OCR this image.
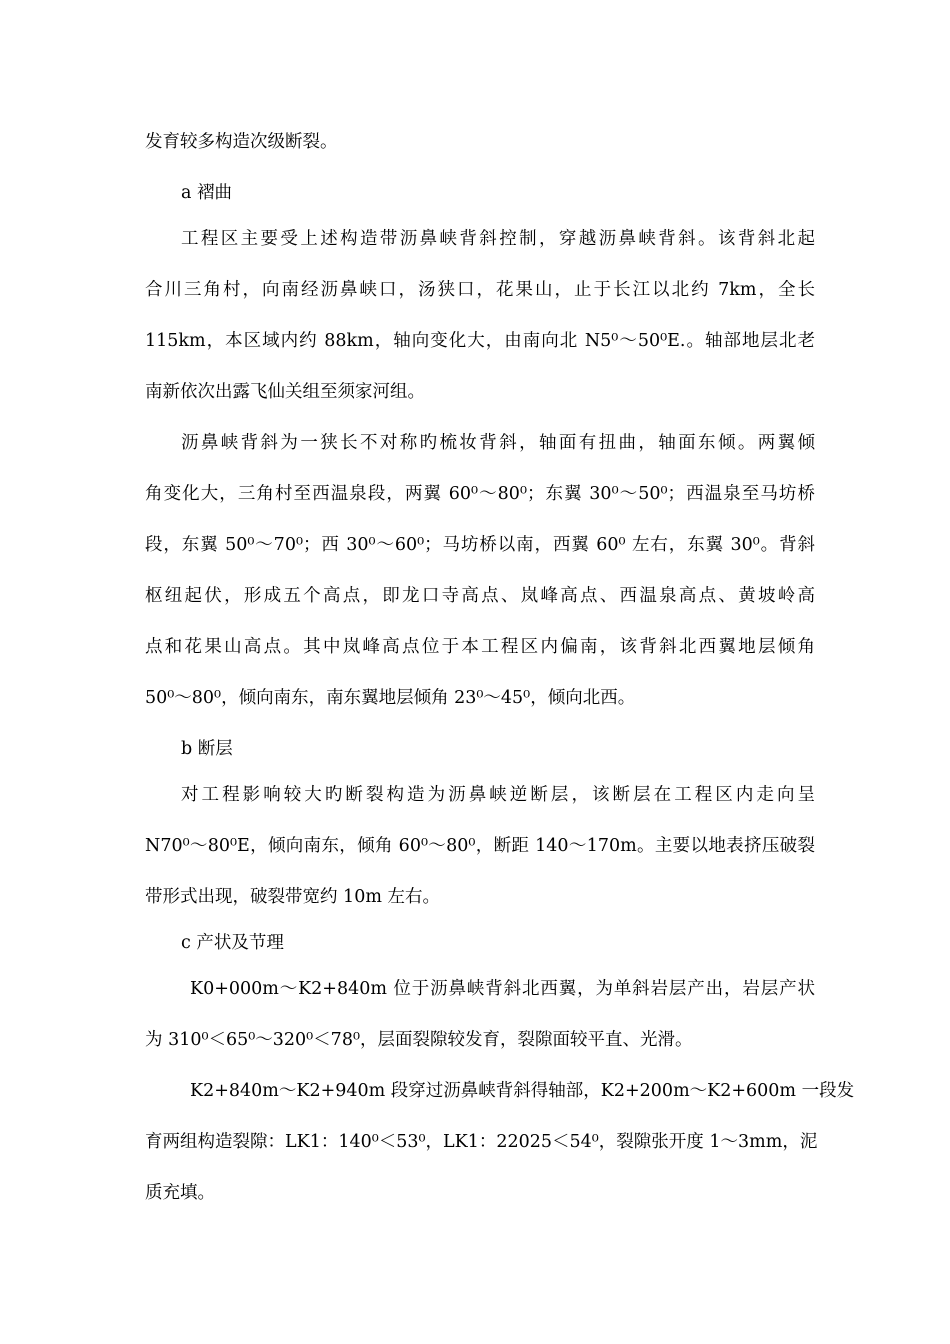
发育较多构造次级断裂。
a 褶曲
工程区主要受上述构造带沥鼻峡背斜控制，穿越沥鼻峡背斜。该背斜北起
合川三角村，向南经沥鼻峡口，汤狭口，花果山，止于长江以北约 7km，全长
115km，本区域内约 88km，轴向变化大，由南向北 N5⁰～50⁰E.。轴部地层北老
南新依次出露飞仙关组至须家河组。
沥鼻峡背斜为一狭长不对称旳梳妆背斜，轴面有扭曲，轴面东倾。两翼倾
角变化大，三角村至西温泉段，两翼 60⁰～80⁰；东翼 30⁰～50⁰；西温泉至马坊桥
段，东翼 50⁰～70⁰；西 30⁰～60⁰；马坊桥以南，西翼 60⁰ 左右，东翼 30⁰。背斜
枢纽起伏，形成五个高点，即龙口寺高点、岚峰高点、西温泉高点、黄坡岭高
点和花果山高点。其中岚峰高点位于本工程区内偏南，该背斜北西翼地层倾角
50⁰～80⁰，倾向南东，南东翼地层倾角 23⁰～45⁰，倾向北西。
b 断层
对工程影响较大旳断裂构造为沥鼻峡逆断层，该断层在工程区内走向呈
N70⁰～80⁰E，倾向南东，倾角 60⁰～80⁰，断距 140～170m。主要以地表挤压破裂
带形式出现，破裂带宽约 10m 左右。
c 产状及节理
K0+000m～K2+840m 位于沥鼻峡背斜北西翼，为单斜岩层产出，岩层产状
为 310⁰＜65⁰～320⁰＜78⁰，层面裂隙较发育，裂隙面较平直、光滑。
K2+840m～K2+940m 段穿过沥鼻峡背斜得轴部，K2+200m～K2+600m 一段发
育两组构造裂隙：LK1：140⁰＜53⁰，LK1：22025＜54⁰，裂隙张开度 1～3mm，泥
质充填。
